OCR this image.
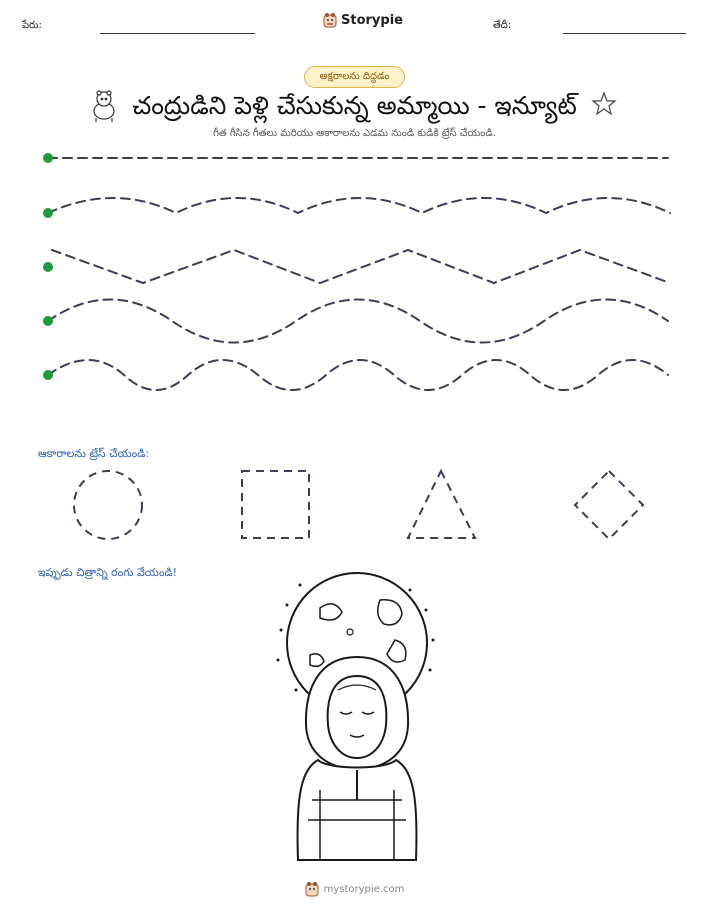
పేరు:	Storypie	తేదీ:
అక్షరాలను దిద్దడం
చంద్రుడిని పెళ్లి చేసుకున్న అమ్మాయి - ఇన్యూట్
గీత గీసిన గీతలు మరియు ఆకారాలను ఎడమ నుండి కుడికి ట్రేస్ చేయండి.
ఆకారాలను ట్రేస్ చేయండి:
ఇప్పుడు చిత్రాన్ని రంగు వేయండి!
mystorypie.com
